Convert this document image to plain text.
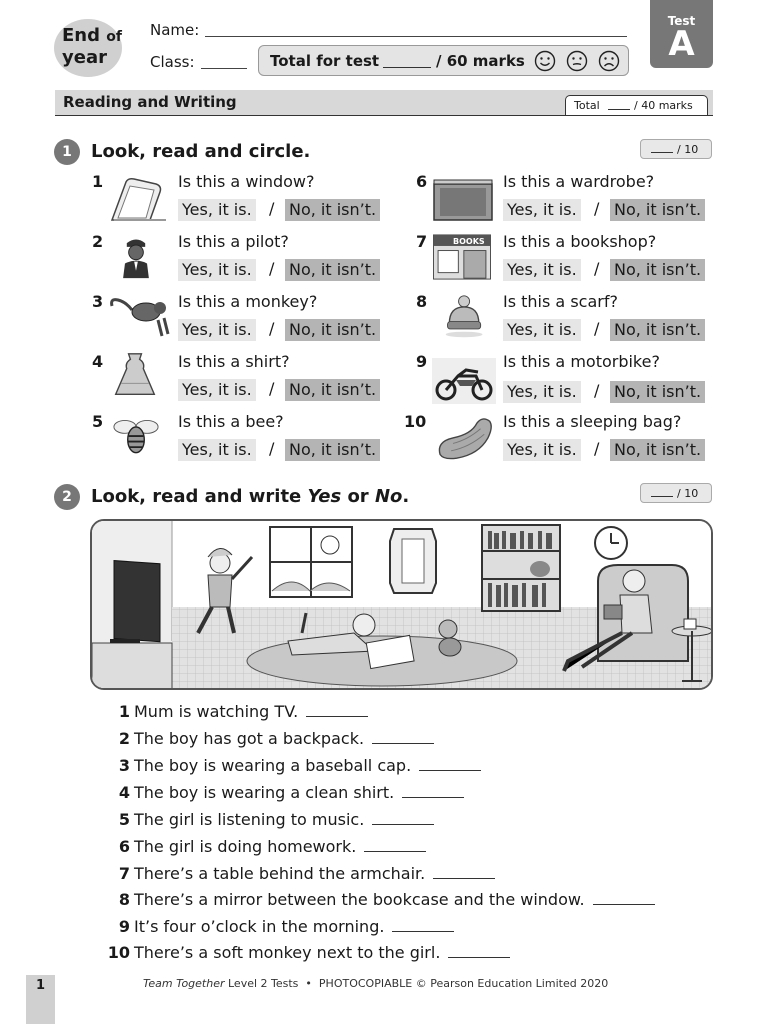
End of
year
Name:
Class:	Total for test	/ 60 marks
Test
A
Reading and Writing	Total	/ 40 marks
1	Look, read and circle.	/ 10
1	Is this a window?
Yes, it is. / No, it isn’t.
2	Is this a pilot?
Yes, it is. / No, it isn’t.
3	Is this a monkey?
Yes, it is. / No, it isn’t.
4	Is this a shirt?
Yes, it is. / No, it isn’t.
5	Is this a bee?
Yes, it is. / No, it isn’t.
6	Is this a wardrobe?
Yes, it is. / No, it isn’t.
7	BOOKS Is this a bookshop?
Yes, it is. / No, it isn’t.
8	Is this a scarf?
Yes, it is. / No, it isn’t.
9	Is this a motorbike?
Yes, it is. / No, it isn’t.
10	Is this a sleeping bag?
Yes, it is. / No, it isn’t.
2	Look, read and write Yes or No.	/ 10
1 Mum is watching TV.
2 The boy has got a backpack.
3 The boy is wearing a baseball cap.
4 The boy is wearing a clean shirt.
5 The girl is listening to music.
6 The girl is doing homework.
7 There’s a table behind the armchair.
8 There’s a mirror between the bookcase and the window.
9 It’s four o’clock in the morning.
10 There’s a soft monkey next to the girl.
1	Team Together Level 2 Tests • PHOTOCOPIABLE © Pearson Education Limited 2020
